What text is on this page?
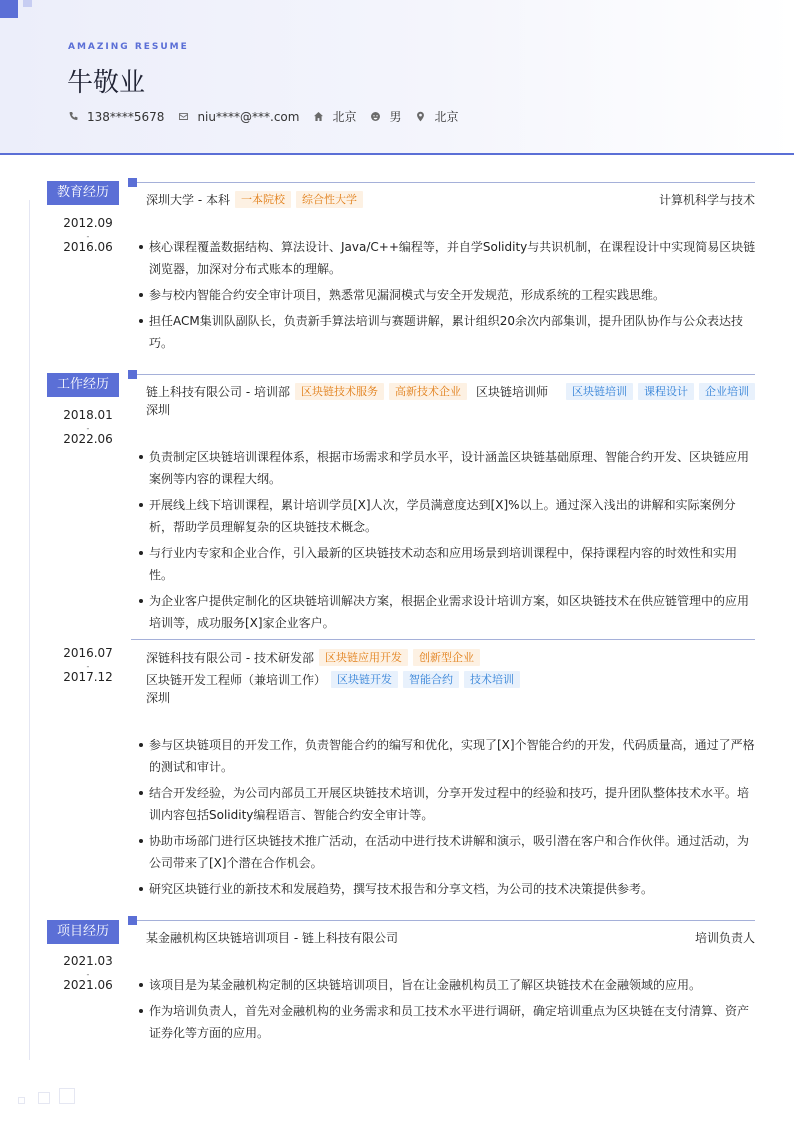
AMAZING RESUME
牛敬业
138****5678	niu****@***.com	北京	男	北京
教育经历
2012.09
-
2016.06
深圳大学 - 本科	一本院校	综合性大学	计算机科学与技术
核心课程覆盖数据结构、算法设计、Java/C++编程等，并自学Solidity与共识机制，在课程设计中实现简易区块链浏览器，加深对分布式账本的理解。
参与校内智能合约安全审计项目，熟悉常见漏洞模式与安全开发规范，形成系统的工程实践思维。
担任ACM集训队副队长，负责新手算法培训与赛题讲解，累计组织20余次内部集训，提升团队协作与公众表达技巧。
工作经历
2018.01
-
2022.06
链上科技有限公司 - 培训部	区块链技术服务	高新技术企业	区块链培训师	区块链培训	课程设计	企业培训
深圳
负责制定区块链培训课程体系，根据市场需求和学员水平，设计涵盖区块链基础原理、智能合约开发、区块链应用案例等内容的课程大纲。
开展线上线下培训课程，累计培训学员[X]人次，学员满意度达到[X]%以上。通过深入浅出的讲解和实际案例分析，帮助学员理解复杂的区块链技术概念。
与行业内专家和企业合作，引入最新的区块链技术动态和应用场景到培训课程中，保持课程内容的时效性和实用性。
为企业客户提供定制化的区块链培训解决方案，根据企业需求设计培训方案，如区块链技术在供应链管理中的应用培训等，成功服务[X]家企业客户。
2016.07
-
2017.12
深链科技有限公司 - 技术研发部	区块链应用开发	创新型企业
区块链开发工程师（兼培训工作）	区块链开发	智能合约	技术培训
深圳
参与区块链项目的开发工作，负责智能合约的编写和优化，实现了[X]个智能合约的开发，代码质量高，通过了严格的测试和审计。
结合开发经验，为公司内部员工开展区块链技术培训，分享开发过程中的经验和技巧，提升团队整体技术水平。培训内容包括Solidity编程语言、智能合约安全审计等。
协助市场部门进行区块链技术推广活动，在活动中进行技术讲解和演示，吸引潜在客户和合作伙伴。通过活动，为公司带来了[X]个潜在合作机会。
研究区块链行业的新技术和发展趋势，撰写技术报告和分享文档，为公司的技术决策提供参考。
项目经历
2021.03
-
2021.06
某金融机构区块链培训项目 - 链上科技有限公司	培训负责人
该项目是为某金融机构定制的区块链培训项目，旨在让金融机构员工了解区块链技术在金融领域的应用。
作为培训负责人，首先对金融机构的业务需求和员工技术水平进行调研，确定培训重点为区块链在支付清算、资产证券化等方面的应用。
